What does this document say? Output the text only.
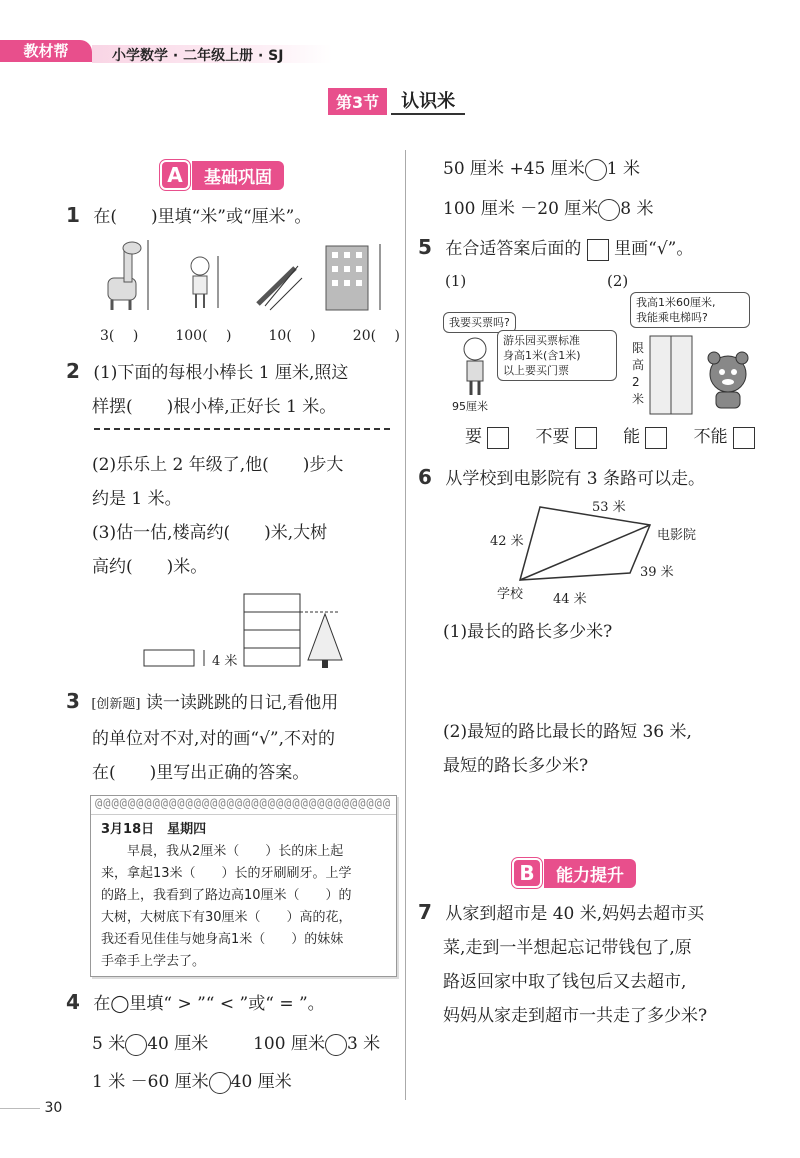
教材帮	小学数学 · 二年级上册 · SJ
第3节	认识米
A	基础巩固
1 在(　　)里填“米”或“厘米”。
3(　 )	100(　 )	10(　 )	20(　 )
2 (1)下面的每根小棒长 1 厘米,照这
样摆(　　)根小棒,正好长 1 米。
(2)乐乐上 2 年级了,他(　　)步大
约是 1 米。
(3)估一估,楼高约(　　)米,大树
高约(　　)米。
4 米
3 [创新题] 读一读跳跳的日记,看他用
的单位对不对,对的画“√”,不对的
在(　　)里写出正确的答案。
@@@@@@@@@@@@@@@@@@@@@@@@@@@@@@@@@@@@
3月18日　星期四
　　早晨，我从2厘米（　　）长的床上起
来，拿起13米（　　）长的牙刷刷牙。上学
的路上，我看到了路边高10厘米（　　）的
大树，大树底下有30厘米（　　）高的花，
我还看见佳佳与她身高1米（　　）的妹妹
手牵手上学去了。
4 在◯里填“ > ”“ < ”或“ = ”。
5 米 40 厘米	100 厘米 3 米
1 米 －60 厘米 40 厘米
50 厘米 +45 厘米 1 米
100 厘米 －20 厘米 8 米
5 在合适答案后面的 里画“√”。
(1)	(2)
我要买票吗?
95厘米
游乐园买票标准
身高1米(含1米)
以上要买门票
我高1米60厘米,
我能乘电梯吗?
限
高
2
米
要	不要	能	不能
6 从学校到电影院有 3 条路可以走。
53 米
42 米	电影院
39 米
学校 44 米
(1)最长的路长多少米?
(2)最短的路比最长的路短 36 米,
最短的路长多少米?
B	能力提升
7 从家到超市是 40 米,妈妈去超市买
菜,走到一半想起忘记带钱包了,原
路返回家中取了钱包后又去超市,
妈妈从家走到超市一共走了多少米?
30
